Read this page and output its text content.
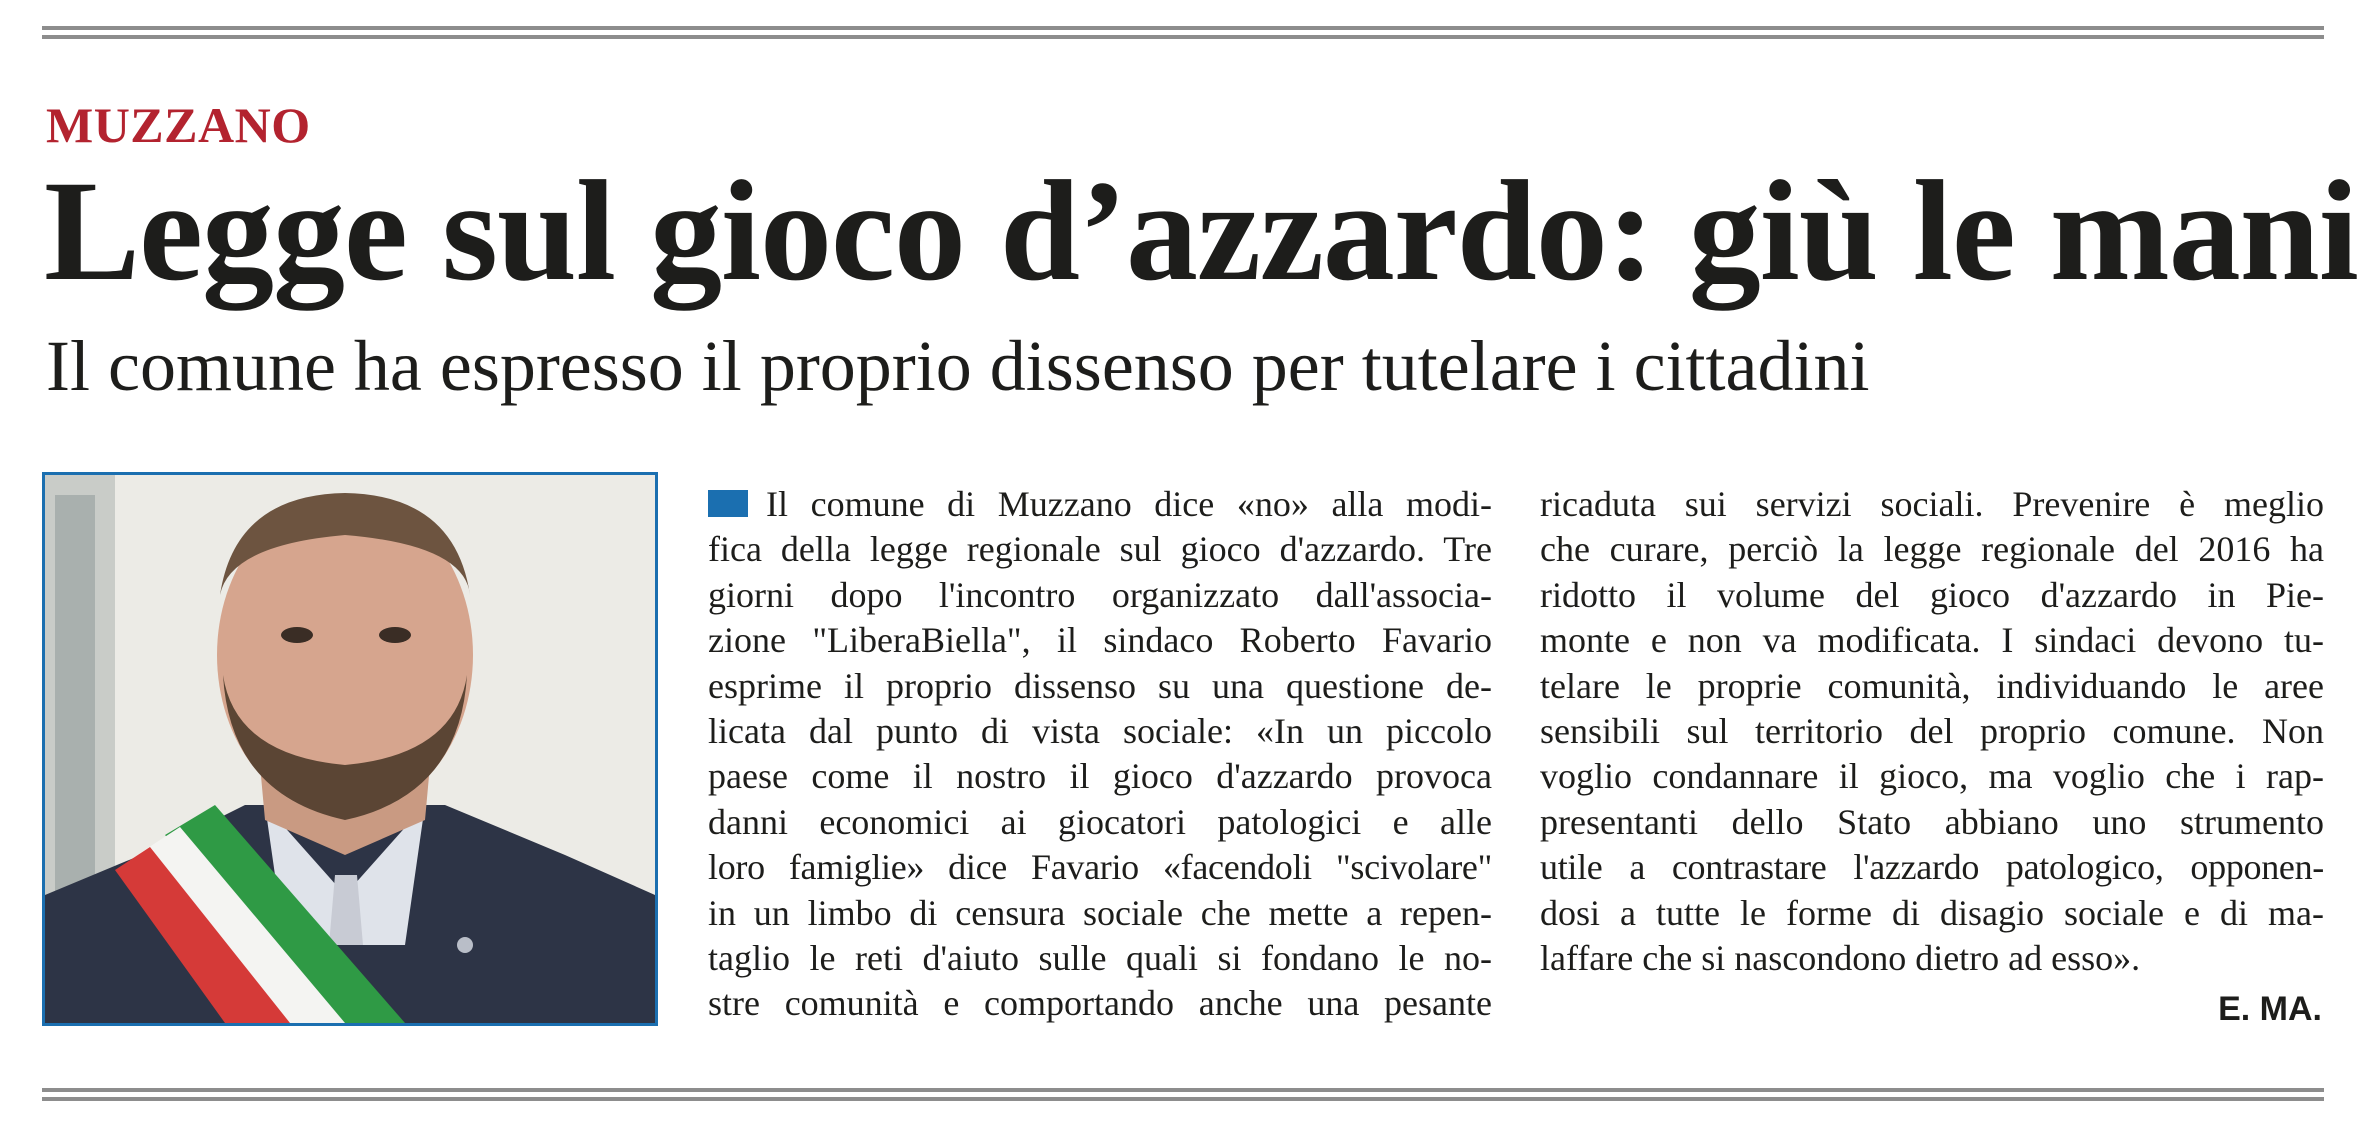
MUZZANO
Legge sul gioco d’azzardo: giù le mani
Il comune ha espresso il proprio dissenso per tutelare i cittadini
Il comune di Muzzano dice «no» alla modi-
fica della legge regionale sul gioco d'azzardo. Tre
giorni dopo l'incontro organizzato dall'associa-
zione "LiberaBiella", il sindaco Roberto Favario
esprime il proprio dissenso su una questione de-
licata dal punto di vista sociale: «In un piccolo
paese come il nostro il gioco d'azzardo provoca
danni economici ai giocatori patologici e alle
loro famiglie» dice Favario «facendoli "scivolare"
in un limbo di censura sociale che mette a repen-
taglio le reti d'aiuto sulle quali si fondano le no-
stre comunità e comportando anche una pesante
ricaduta sui servizi sociali. Prevenire è meglio
che curare, perciò la legge regionale del 2016 ha
ridotto il volume del gioco d'azzardo in Pie-
monte e non va modificata. I sindaci devono tu-
telare le proprie comunità, individuando le aree
sensibili sul territorio del proprio comune. Non
voglio condannare il gioco, ma voglio che i rap-
presentanti dello Stato abbiano uno strumento
utile a contrastare l'azzardo patologico, opponen-
dosi a tutte le forme di disagio sociale e di ma-
laffare che si nascondono dietro ad esso».
E. MA.
